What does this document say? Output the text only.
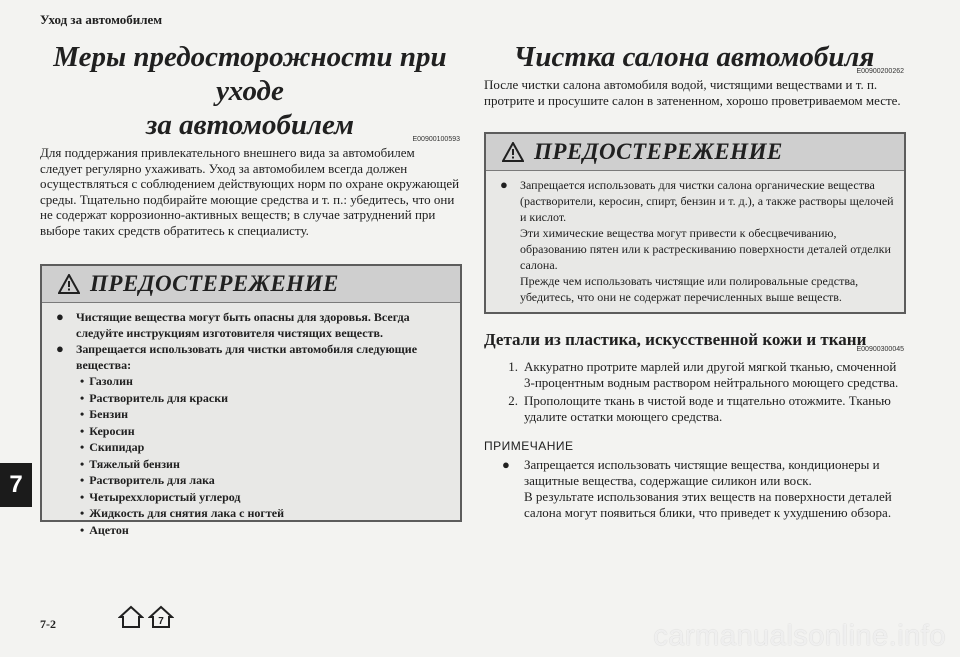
Уход за автомобилем
Меры предосторожности при уходе
за автомобилем	E00900100593

Для поддержания привлекательного внешнего вида за автомобилем следует регулярно ухаживать. Уход за автомобилем всегда должен осуществляться с соблюдением действующих норм по охране окружающей среды. Тщательно подбирайте моющие средства и т. п.: убедитесь, что они не содержат коррозионно-активных веществ; в случае затруднений при выборе таких средств обратитесь к специалисту.

ПРЕДОСТЕРЕЖЕНИЕ
●	Чистящие вещества могут быть опасны для здоровья. Всегда следуйте инструкциям изготовителя чистящих веществ.
●	Запрещается использовать для чистки автомобиля следующие вещества:
• Газолин
• Растворитель для краски
• Бензин
• Керосин
• Скипидар
• Тяжелый бензин
• Растворитель для лака
• Четыреххлористый углерод
• Жидкость для снятия лака с ногтей
• Ацетон
Чистка салона автомобиля
E00900200262

После чистки салона автомобиля водой, чистящими веществами и т. п. протрите и просушите салон в затененном, хорошо проветриваемом месте.

ПРЕДОСТЕРЕЖЕНИЕ
●	Запрещается использовать для чистки салона органические вещества (растворители, керосин, спирт, бензин и т. д.), а также растворы щелочей и кислот.
Эти химические вещества могут привести к обесцвечиванию, образованию пятен или к растрескиванию поверхности деталей отделки салона.
Прежде чем использовать чистящие или полировальные средства, убедитесь, что они не содержат перечисленных выше веществ.
Детали из пластика, искусственной кожи и ткани
E00900300045
1. Аккуратно протрите марлей или другой мягкой тканью, смоченной 3-процентным водным раствором нейтрального моющего средства.
2. Прополощите ткань в чистой воде и тщательно отожмите. Тканью удалите остатки моющего средства.
ПРИМЕЧАНИЕ
●	Запрещается использовать чистящие вещества, кондиционеры и защитные вещества, содержащие силикон или воск.
В результате использования этих веществ на поверхности деталей салона могут появиться блики, что приведет к ухудшению обзора.
7
7-2	7	carmanualsonline.info
